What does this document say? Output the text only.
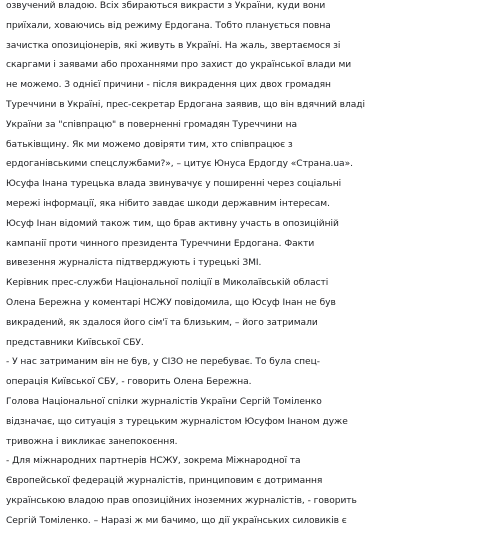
озвучений владою. Всіх збираються викрасти з України, куди вони
приїхали, ховаючись від режиму Ердогана. Тобто планується повна
зачистка опозиціонерів, які живуть в Україні. На жаль, звертаємося зі
скаргами і заявами або проханнями про захист до української влади ми
не можемо. З однієї причини - після викрадення цих двох громадян
Туреччини в Україні, прес-секретар Ердогана заявив, що він вдячний владі
України за "співпрацю" в поверненні громадян Туреччини на
батьківщину. Як ми можемо довіряти тим, хто співпрацює з
ердоганівськими спецслужбами?», – цитує Юнуса Ердогду «Страна.ua».
Юсуфа Інана турецька влада звинувачує у поширенні через соціальні
мережі інформації, яка нібито завдає шкоди державним інтересам.
Юсуф Інан відомий також тим, що брав активну участь в опозиційній
кампанії проти чинного президента Туреччини Ердогана. Факти
вивезення журналіста підтверджують і турецькі ЗМІ.
Керівник прес-служби Національної поліції в Миколаївській області
Олена Бережна у коментарі НСЖУ повідомила, що Юсуф Інан не був
викрадений, як здалося його сім'ї та близьким, – його затримали
представники Київської СБУ.
- У нас затриманим він не був, у СІЗО не перебуває. То була спец-
операція Київської СБУ, - говорить Олена Бережна.
Голова Національної спілки журналістів України Сергій Томіленко
відзначає, що ситуація з турецьким журналістом Юсуфом Інаном дуже
тривожна і викликає занепокоєння.
- Для міжнародних партнерів НСЖУ, зокрема Міжнародної та
Європейської федерацій журналістів, принциповим є дотримання
українською владою прав опозиційних іноземних журналістів, - говорить
Сергій Томіленко. – Наразі ж ми бачимо, що дії українських силовиків є
